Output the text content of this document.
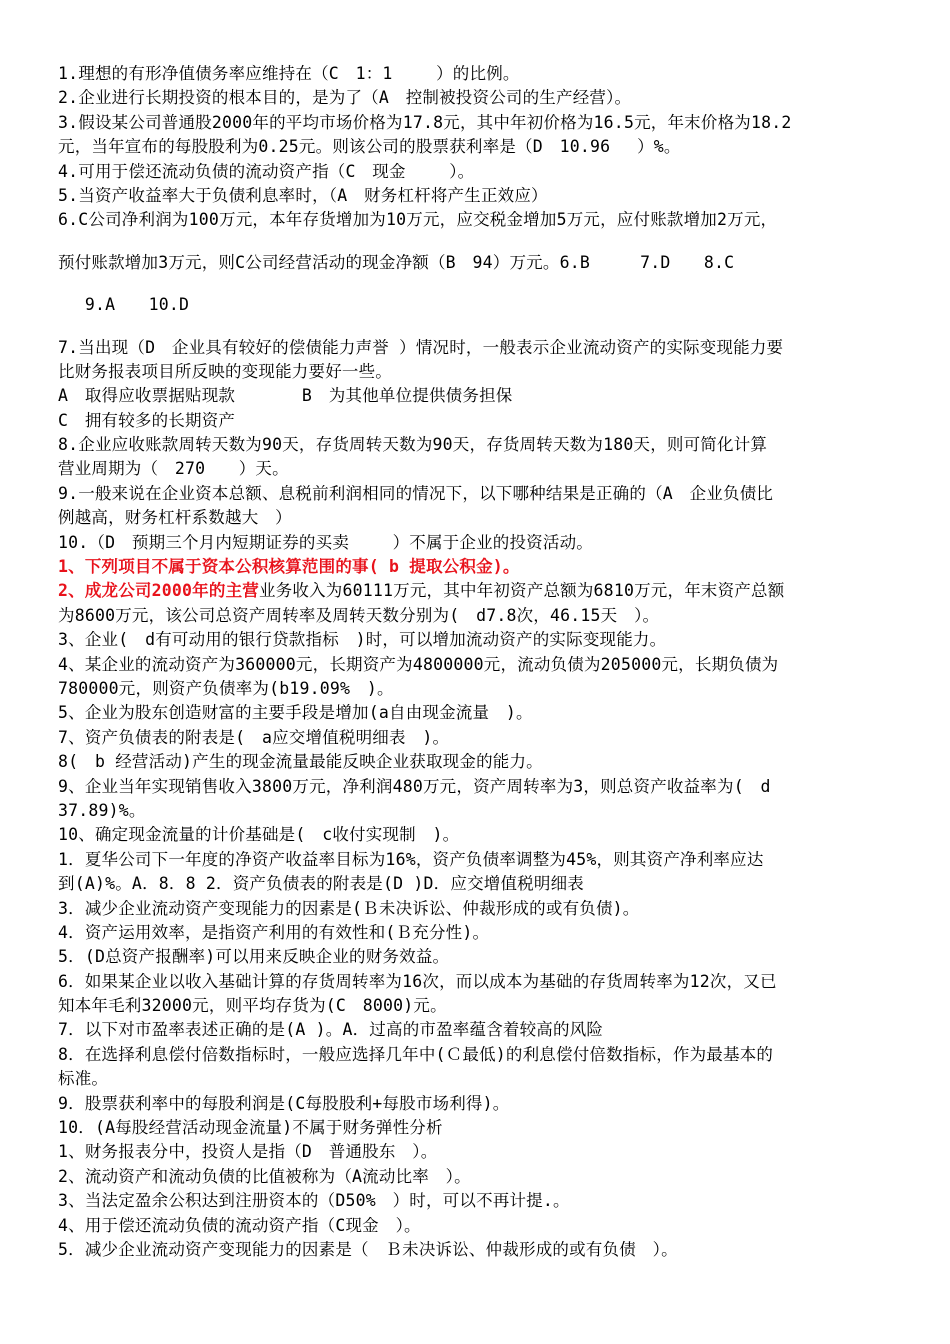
1.理想的有形净值债务率应维持在（C　1：1　　 ）的比例。
2.企业进行长期投资的根本目的，是为了（A　控制被投资公司的生产经营）。
3.假设某公司普通股2000年的平均市场价格为17.8元，其中年初价格为16.5元，年末价格为18.2
元，当年宣布的每股股利为0.25元。则该公司的股票获利率是（D　10.96　 ）%。
4.可用于偿还流动负债的流动资产指（C　现金　　 ）。
5.当资产收益率大于负债利息率时，（A　财务杠杆将产生正效应）
6.C公司净利润为100万元，本年存货增加为10万元，应交税金增加5万元，应付账款增加2万元，
预付账款增加3万元，则C公司经营活动的现金净额（B　94）万元。6.B　　　7.D　　8.C
　 9.A　　10.D
7.当出现（D　企业具有较好的偿债能力声誉 ）情况时，一般表示企业流动资产的实际变现能力要
比财务报表项目所反映的变现能力要好一些。
A　取得应收票据贴现款　　　　B　为其他单位提供债务担保
C　拥有较多的长期资产
8.企业应收账款周转天数为90天，存货周转天数为90天，存货周转天数为180天，则可简化计算
营业周期为（　270　　）天。
9.一般来说在企业资本总额、息税前利润相同的情况下，以下哪种结果是正确的（A　企业负债比
例越高，财务杠杆系数越大　）
10.（D　预期三个月内短期证券的买卖　　 ）不属于企业的投资活动。
1、下列项目不属于资本公积核算范围的事( b 提取公积金)。
2、成龙公司2000年的主营业务收入为60111万元，其中年初资产总额为6810万元，年末资产总额
为8600万元，该公司总资产周转率及周转天数分别为(　d7.8次，46.15天　）。
3、企业(　d有可动用的银行贷款指标　)时，可以增加流动资产的实际变现能力。
4、某企业的流动资产为360000元，长期资产为4800000元，流动负债为205000元，长期负债为
780000元，则资产负债率为(b19.09%　)。
5、企业为股东创造财富的主要手段是增加(a自由现金流量　)。
7、资产负债表的附表是(　a应交增值税明细表　)。
8(　b 经营活动)产生的现金流量最能反映企业获取现金的能力。
9、企业当年实现销售收入3800万元，净利润480万元，资产周转率为3，则总资产收益率为(　d
37.89)%。
10、确定现金流量的计价基础是(　c收付实现制　)。
1．夏华公司下一年度的净资产收益率目标为16%，资产负债率调整为45%，则其资产净利率应达
到(A)%。A．8．8 2．资产负债表的附表是(D )D．应交增值税明细表
3．减少企业流动资产变现能力的因素是(Ｂ未决诉讼、仲裁形成的或有负债)。
4．资产运用效率，是指资产利用的有效性和(Ｂ充分性)。
5．(D总资产报酬率)可以用来反映企业的财务效益。
6．如果某企业以收入基础计算的存货周转率为16次，而以成本为基础的存货周转率为12次，又已
知本年毛利32000元，则平均存货为(C　8000)元。
7．以下对市盈率表述正确的是(A )。A．过高的市盈率蕴含着较高的风险
8．在选择利息偿付倍数指标时，一般应选择几年中(Ｃ最低)的利息偿付倍数指标，作为最基本的
标准。
9．股票获利率中的每股利润是(C每股股利+每股市场利得)。
10．(A每股经营活动现金流量)不属于财务弹性分析
1、财务报表分中，投资人是指（D　普通股东　）。
2、流动资产和流动负债的比值被称为（A流动比率　）。
3、当法定盈余公积达到注册资本的（D50%　）时，可以不再计提.。
4、用于偿还流动负债的流动资产指（C现金　）。
5．减少企业流动资产变现能力的因素是（　Ｂ未决诉讼、仲裁形成的或有负债　）。
